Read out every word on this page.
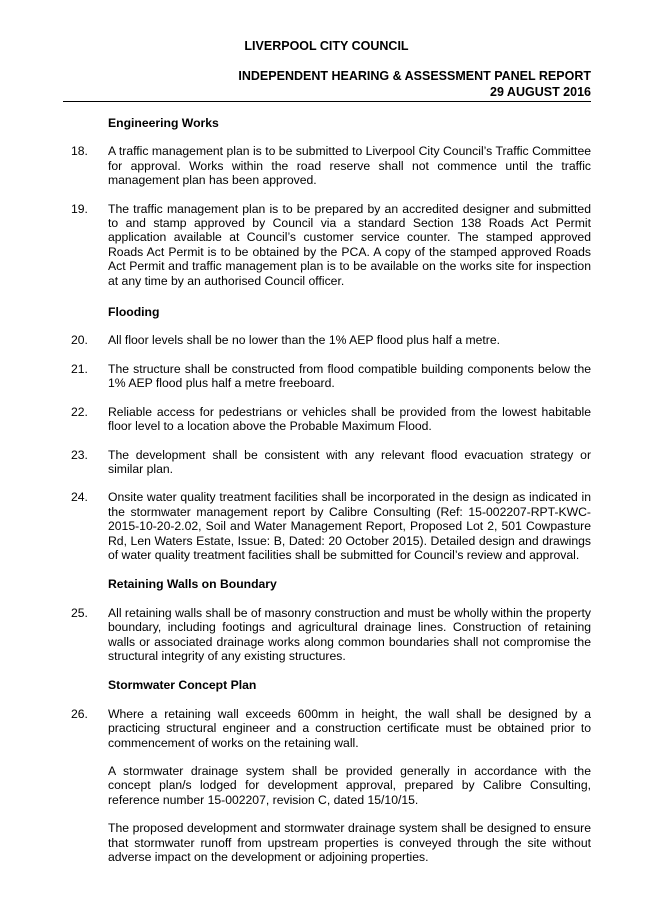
LIVERPOOL CITY COUNCIL
INDEPENDENT HEARING & ASSESSMENT PANEL REPORT
29 AUGUST 2016
Engineering Works
18.	A traffic management plan is to be submitted to Liverpool City Council’s Traffic Committee for approval. Works within the road reserve shall not commence until the traffic management plan has been approved.
19.	The traffic management plan is to be prepared by an accredited designer and submitted to and stamp approved by Council via a standard Section 138 Roads Act Permit application available at Council’s customer service counter. The stamped approved Roads Act Permit is to be obtained by the PCA. A copy of the stamped approved Roads Act Permit and traffic management plan is to be available on the works site for inspection at any time by an authorised Council officer.
Flooding
20.	All floor levels shall be no lower than the 1% AEP flood plus half a metre.
21.	The structure shall be constructed from flood compatible building components below the 1% AEP flood plus half a metre freeboard.
22.	Reliable access for pedestrians or vehicles shall be provided from the lowest habitable floor level to a location above the Probable Maximum Flood.
23.	The development shall be consistent with any relevant flood evacuation strategy or similar plan.
24.	Onsite water quality treatment facilities shall be incorporated in the design as indicated in the stormwater management report by Calibre Consulting (Ref: 15-002207-RPT-KWC-2015-10-20-2.02, Soil and Water Management Report, Proposed Lot 2, 501 Cowpasture Rd, Len Waters Estate, Issue: B, Dated: 20 October 2015). Detailed design and drawings of water quality treatment facilities shall be submitted for Council’s review and approval.
Retaining Walls on Boundary
25.	All retaining walls shall be of masonry construction and must be wholly within the property boundary, including footings and agricultural drainage lines. Construction of retaining walls or associated drainage works along common boundaries shall not compromise the structural integrity of any existing structures.
Stormwater Concept Plan
26.	Where a retaining wall exceeds 600mm in height, the wall shall be designed by a practicing structural engineer and a construction certificate must be obtained prior to commencement of works on the retaining wall.
A stormwater drainage system shall be provided generally in accordance with the concept plan/s lodged for development approval, prepared by Calibre Consulting, reference number 15-002207, revision C, dated 15/10/15.
The proposed development and stormwater drainage system shall be designed to ensure that stormwater runoff from upstream properties is conveyed through the site without adverse impact on the development or adjoining properties.
